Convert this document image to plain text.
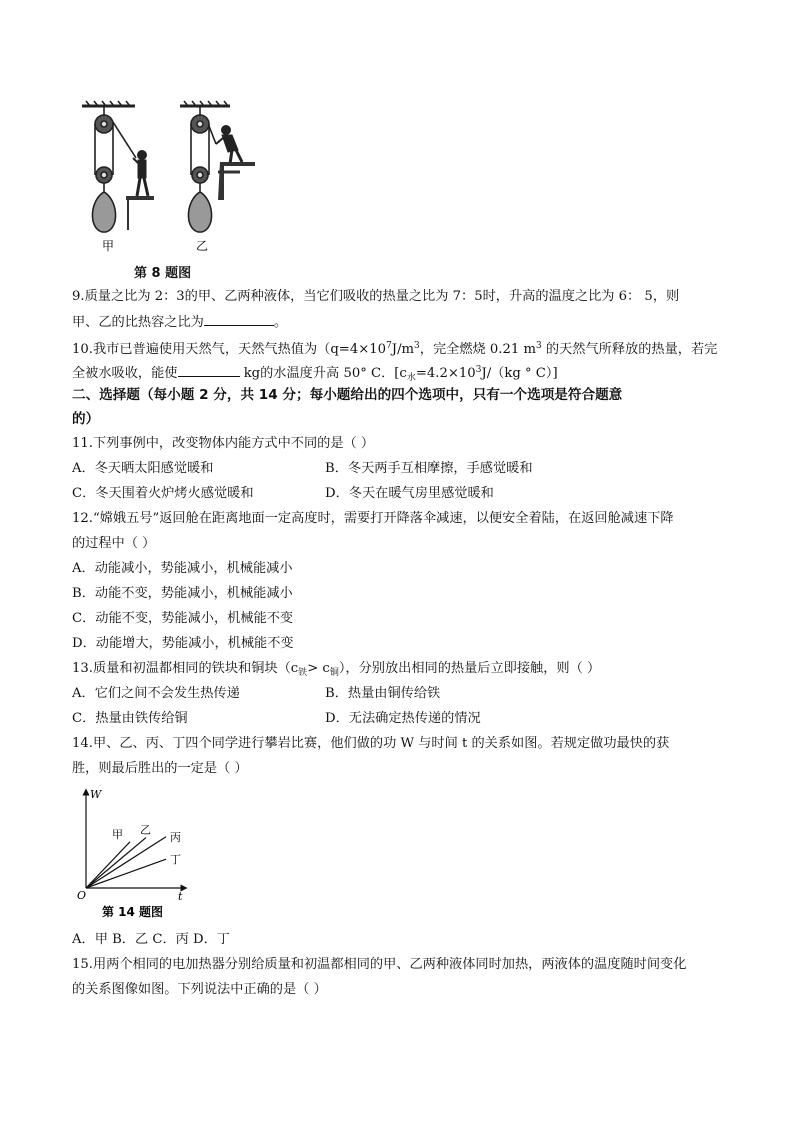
甲	乙
第 8 题图
9.质量之比为 2：3的甲、乙两种液体，当它们吸收的热量之比为 7：5时，升高的温度之比为 6： 5，则
甲、乙的比热容之比为	。
10.我市已普遍使用天然气，天然气热值为（$q=4\times 10^7J/m^3$，完全燃烧 0.21 $m^3$ 的天然气所释放的热量，若完
全被水吸收，能使	kg的水温度升高 50° C．[$c_水=4.2\times 10^3J/(kg$ ° C）]
二、选择题（每小题 2 分，共 14 分；每小题给出的四个选项中，只有一个选项是符合题意
的）
11.下列事例中，改变物体内能方式中不同的是（ ）
A．冬天晒太阳感觉暖和	B．冬天两手互相摩擦，手感觉暖和
C．冬天围着火炉烤火感觉暖和	D．冬天在暖气房里感觉暖和
12.“嫦娥五号”返回舱在距离地面一定高度时，需要打开降落伞减速，以便安全着陆，在返回舱减速下降
的过程中（ ）
A．动能减小，势能减小，机械能减小
B．动能不变，势能减小，机械能减小
C．动能不变，势能减小，机械能不变
D．动能增大，势能减小，机械能不变
13.质量和初温都相同的铁块和铜块$(c_铁> c_铜)$，分别放出相同的热量后立即接触，则（ ）
A．它们之间不会发生热传递	B．热量由铜传给铁
C．热量由铁传给铜	D．无法确定热传递的情况
14.甲、乙、丙、丁四个同学进行攀岩比赛，他们做的功 W 与时间 t 的关系如图。若规定做功最快的获
胜，则最后胜出的一定是（ ）
W
t
O
甲 乙
丙
丁
第 14 题图
A．甲 B．乙 C．丙 D．丁
15.用两个相同的电加热器分别给质量和初温都相同的甲、乙两种液体同时加热，两液体的温度随时间变化
的关系图像如图。下列说法中正确的是（ ）
